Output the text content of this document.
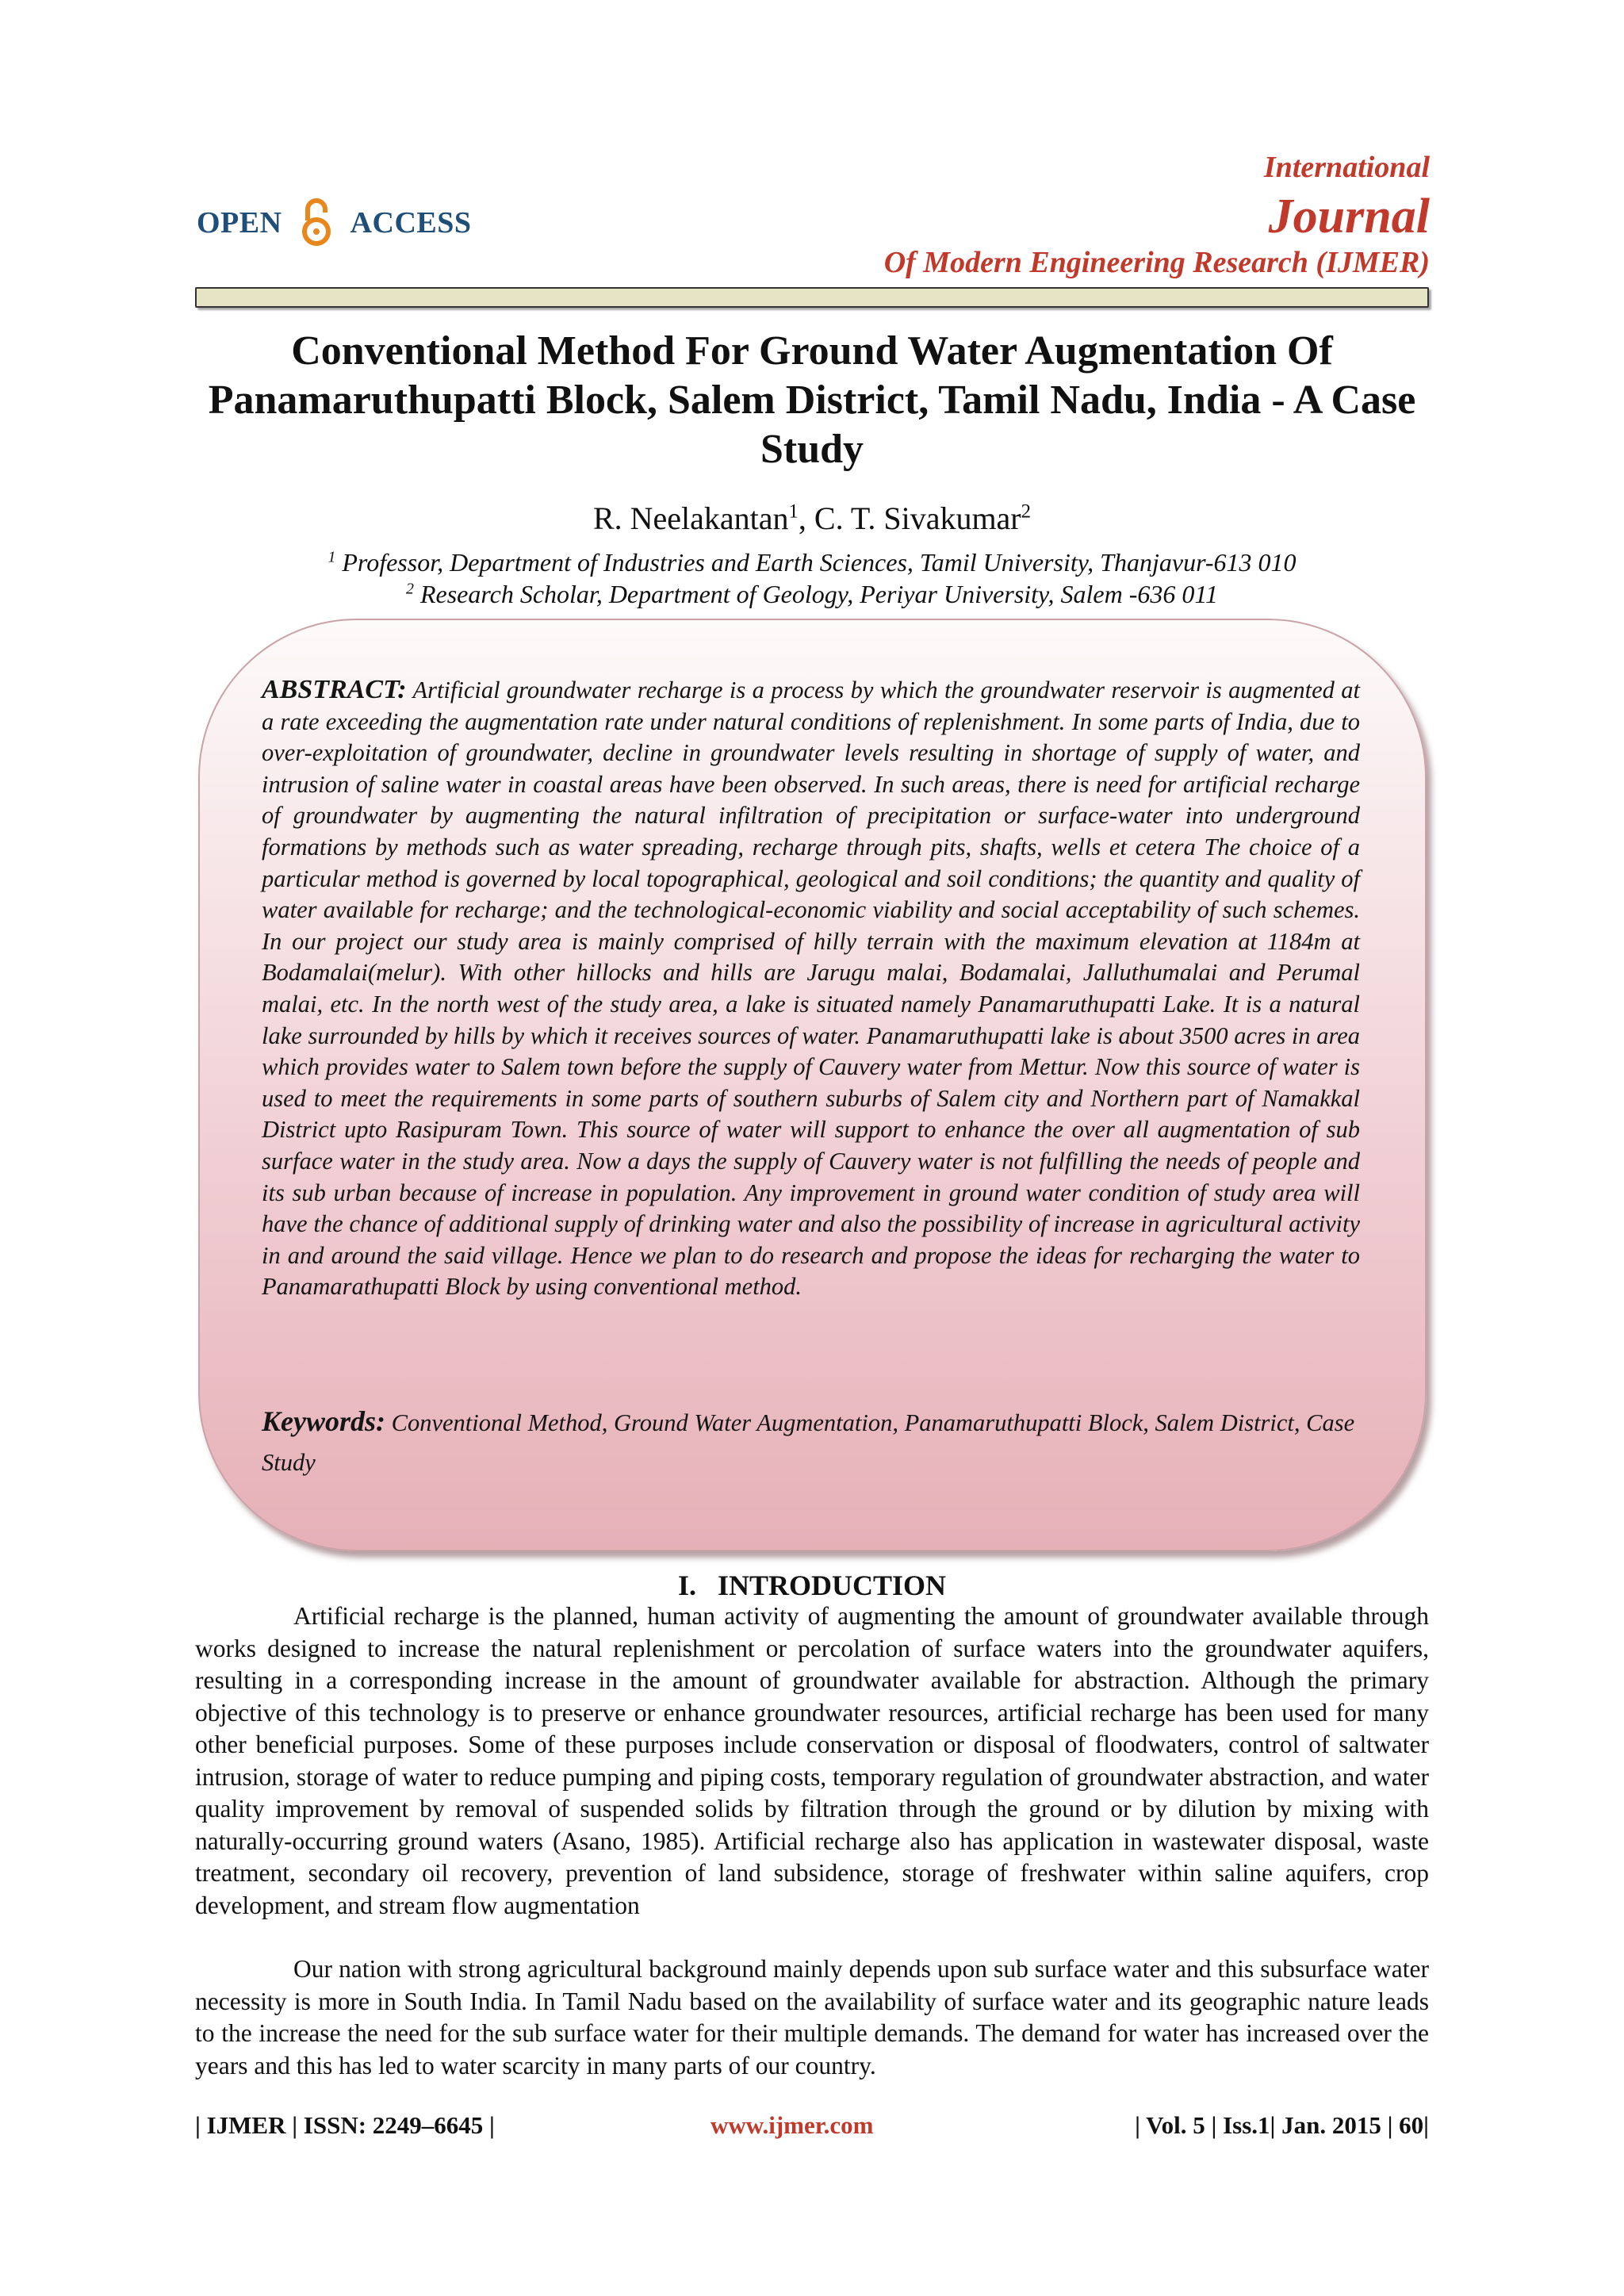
OPEN ACCESS
International
Journal
Of Modern Engineering Research (IJMER)
Conventional Method For Ground Water Augmentation Of Panamaruthupatti Block, Salem District, Tamil Nadu, India - A Case Study
R. Neelakantan$^1$, C. T. Sivakumar$^2$
$^1$ Professor, Department of Industries and Earth Sciences, Tamil University, Thanjavur-613 010
$^2$ Research Scholar, Department of Geology, Periyar University, Salem -636 011
ABSTRACT: Artificial groundwater recharge is a process by which the groundwater reservoir is augmented at a rate exceeding the augmentation rate under natural conditions of replenishment. In some parts of India, due to over-exploitation of groundwater, decline in groundwater levels resulting in shortage of supply of water, and intrusion of saline water in coastal areas have been observed. In such areas, there is need for artificial recharge of groundwater by augmenting the natural infiltration of precipitation or surface-water into underground formations by methods such as water spreading, recharge through pits, shafts, wells et cetera The choice of a particular method is governed by local topographical, geological and soil conditions; the quantity and quality of water available for recharge; and the technological-economic viability and social acceptability of such schemes. In our project our study area is mainly comprised of hilly terrain with the maximum elevation at 1184m at Bodamalai(melur). With other hillocks and hills are Jarugu malai, Bodamalai, Jalluthumalai and Perumal malai, etc. In the north west of the study area, a lake is situated namely Panamaruthupatti Lake. It is a natural lake surrounded by hills by which it receives sources of water. Panamaruthupatti lake is about 3500 acres in area which provides water to Salem town before the supply of Cauvery water from Mettur. Now this source of water is used to meet the requirements in some parts of southern suburbs of Salem city and Northern part of Namakkal District upto Rasipuram Town. This source of water will support to enhance the over all augmentation of sub surface water in the study area. Now a days the supply of Cauvery water is not fulfilling the needs of people and its sub urban because of increase in population. Any improvement in ground water condition of study area will have the chance of additional supply of drinking water and also the possibility of increase in agricultural activity in and around the said village. Hence we plan to do research and propose the ideas for recharging the water to Panamarathupatti Block by using conventional method.
Keywords: Conventional Method, Ground Water Augmentation, Panamaruthupatti Block, Salem District, Case Study
I.   INTRODUCTION
Artificial recharge is the planned, human activity of augmenting the amount of groundwater available through works designed to increase the natural replenishment or percolation of surface waters into the groundwater aquifers, resulting in a corresponding increase in the amount of groundwater available for abstraction. Although the primary objective of this technology is to preserve or enhance groundwater resources, artificial recharge has been used for many other beneficial purposes. Some of these purposes include conservation or disposal of floodwaters, control of saltwater intrusion, storage of water to reduce pumping and piping costs, temporary regulation of groundwater abstraction, and water quality improvement by removal of suspended solids by filtration through the ground or by dilution by mixing with naturally-occurring ground waters (Asano, 1985). Artificial recharge also has application in wastewater disposal, waste treatment, secondary oil recovery, prevention of land subsidence, storage of freshwater within saline aquifers, crop development, and stream flow augmentation
Our nation with strong agricultural background mainly depends upon sub surface water and this subsurface water necessity is more in South India. In Tamil Nadu based on the availability of surface water and its geographic nature leads to the increase the need for the sub surface water for their multiple demands. The demand for water has increased over the years and this has led to water scarcity in many parts of our country.
| IJMER | ISSN: 2249–6645 |	www.ijmer.com	| Vol. 5 | Iss.1| Jan. 2015 | 60|
